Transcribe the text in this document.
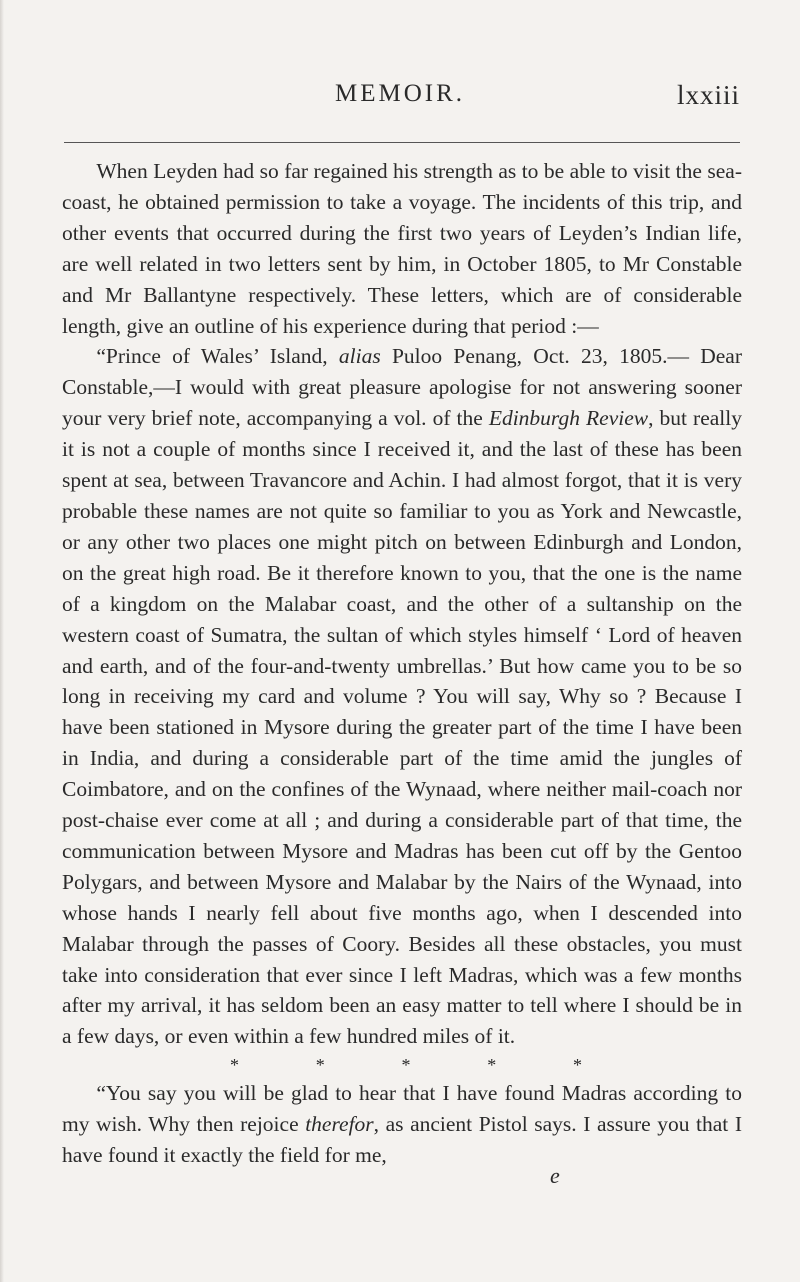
MEMOIR.	lxxiii

When Leyden had so far regained his strength as to be able to visit the sea-coast, he obtained permission to take a voyage. The incidents of this trip, and other events that occurred during the first two years of Leyden’s Indian life, are well related in two letters sent by him, in October 1805, to Mr Constable and Mr Ballantyne respectively. These letters, which are of considerable length, give an outline of his experience during that period :—

“Prince of Wales’ Island, alias Puloo Penang, Oct. 23, 1805.— Dear Constable,—I would with great pleasure apologise for not answering sooner your very brief note, accompanying a vol. of the Edinburgh Review, but really it is not a couple of months since I received it, and the last of these has been spent at sea, between Travancore and Achin. I had almost forgot, that it is very probable these names are not quite so familiar to you as York and Newcastle, or any other two places one might pitch on between Edinburgh and London, on the great high road. Be it therefore known to you, that the one is the name of a kingdom on the Malabar coast, and the other of a sultanship on the western coast of Sumatra, the sultan of which styles himself ‘ Lord of heaven and earth, and of the four-and-twenty umbrellas.’ But how came you to be so long in receiving my card and volume ? You will say, Why so ? Because I have been stationed in Mysore during the greater part of the time I have been in India, and during a considerable part of the time amid the jungles of Coimbatore, and on the confines of the Wynaad, where neither mail-coach nor post-chaise ever come at all ; and during a considerable part of that time, the communication between Mysore and Madras has been cut off by the Gentoo Polygars, and between Mysore and Malabar by the Nairs of the Wynaad, into whose hands I nearly fell about five months ago, when I descended into Malabar through the passes of Coory. Besides all these obstacles, you must take into consideration that ever since I left Madras, which was a few months after my arrival, it has seldom been an easy matter to tell where I should be in a few days, or even within a few hundred miles of it.

*	*	*	*	*

“You say you will be glad to hear that I have found Madras according to my wish. Why then rejoice therefor, as ancient Pistol says. I assure you that I have found it exactly the field for me,

e
